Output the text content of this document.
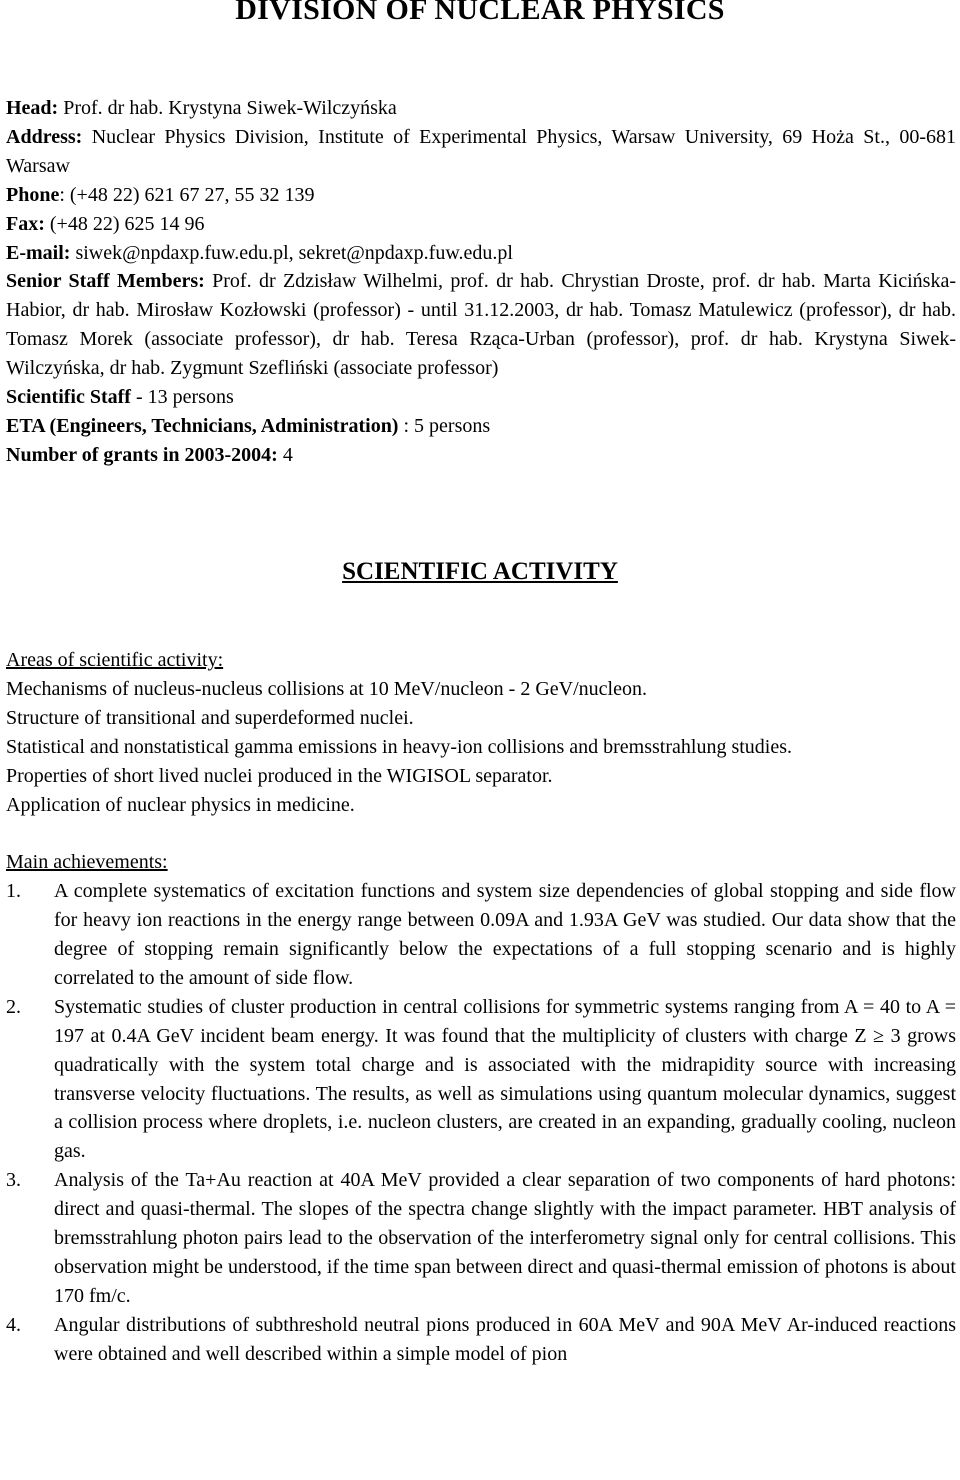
DIVISION OF NUCLEAR PHYSICS
Head: Prof. dr hab. Krystyna Siwek-Wilczyńska
Address: Nuclear Physics Division, Institute of Experimental Physics, Warsaw University, 69 Hoża St., 00-681 Warsaw
Phone: (+48 22) 621 67 27, 55 32 139
Fax: (+48 22) 625 14 96
E-mail: siwek@npdaxp.fuw.edu.pl, sekret@npdaxp.fuw.edu.pl
Senior Staff Members: Prof. dr Zdzisław Wilhelmi, prof. dr hab. Chrystian Droste, prof. dr hab. Marta Kicińska-Habior, dr hab. Mirosław Kozłowski (professor) - until 31.12.2003, dr hab. Tomasz Matulewicz (professor), dr hab. Tomasz Morek (associate professor), dr hab. Teresa Rząca-Urban (professor), prof. dr hab. Krystyna Siwek-Wilczyńska, dr hab. Zygmunt Szefliński (associate professor)
Scientific Staff - 13 persons
ETA (Engineers, Technicians, Administration) : 5 persons
Number of grants in 2003-2004: 4
SCIENTIFIC ACTIVITY
Areas of scientific activity:
Mechanisms of nucleus-nucleus collisions at 10 MeV/nucleon - 2 GeV/nucleon.
Structure of transitional and superdeformed nuclei.
Statistical and nonstatistical gamma emissions in heavy-ion collisions and bremsstrahlung studies.
Properties of short lived nuclei produced in the WIGISOL separator.
Application of nuclear physics in medicine.
Main achievements:
1. A complete systematics of excitation functions and system size dependencies of global stopping and side flow for heavy ion reactions in the energy range between 0.09A and 1.93A GeV was studied. Our data show that the degree of stopping remain significantly below the expectations of a full stopping scenario and is highly correlated to the amount of side flow.
2. Systematic studies of cluster production in central collisions for symmetric systems ranging from A = 40 to A = 197 at 0.4A GeV incident beam energy. It was found that the multiplicity of clusters with charge Z ≥ 3 grows quadratically with the system total charge and is associated with the midrapidity source with increasing transverse velocity fluctuations. The results, as well as simulations using quantum molecular dynamics, suggest a collision process where droplets, i.e. nucleon clusters, are created in an expanding, gradually cooling, nucleon gas.
3. Analysis of the Ta+Au reaction at 40A MeV provided a clear separation of two components of hard photons: direct and quasi-thermal. The slopes of the spectra change slightly with the impact parameter. HBT analysis of bremsstrahlung photon pairs lead to the observation of the interferometry signal only for central collisions. This observation might be understood, if the time span between direct and quasi-thermal emission of photons is about 170 fm/c.
4. Angular distributions of subthreshold neutral pions produced in 60A MeV and 90A MeV Ar-induced reactions were obtained and well described within a simple model of pion
